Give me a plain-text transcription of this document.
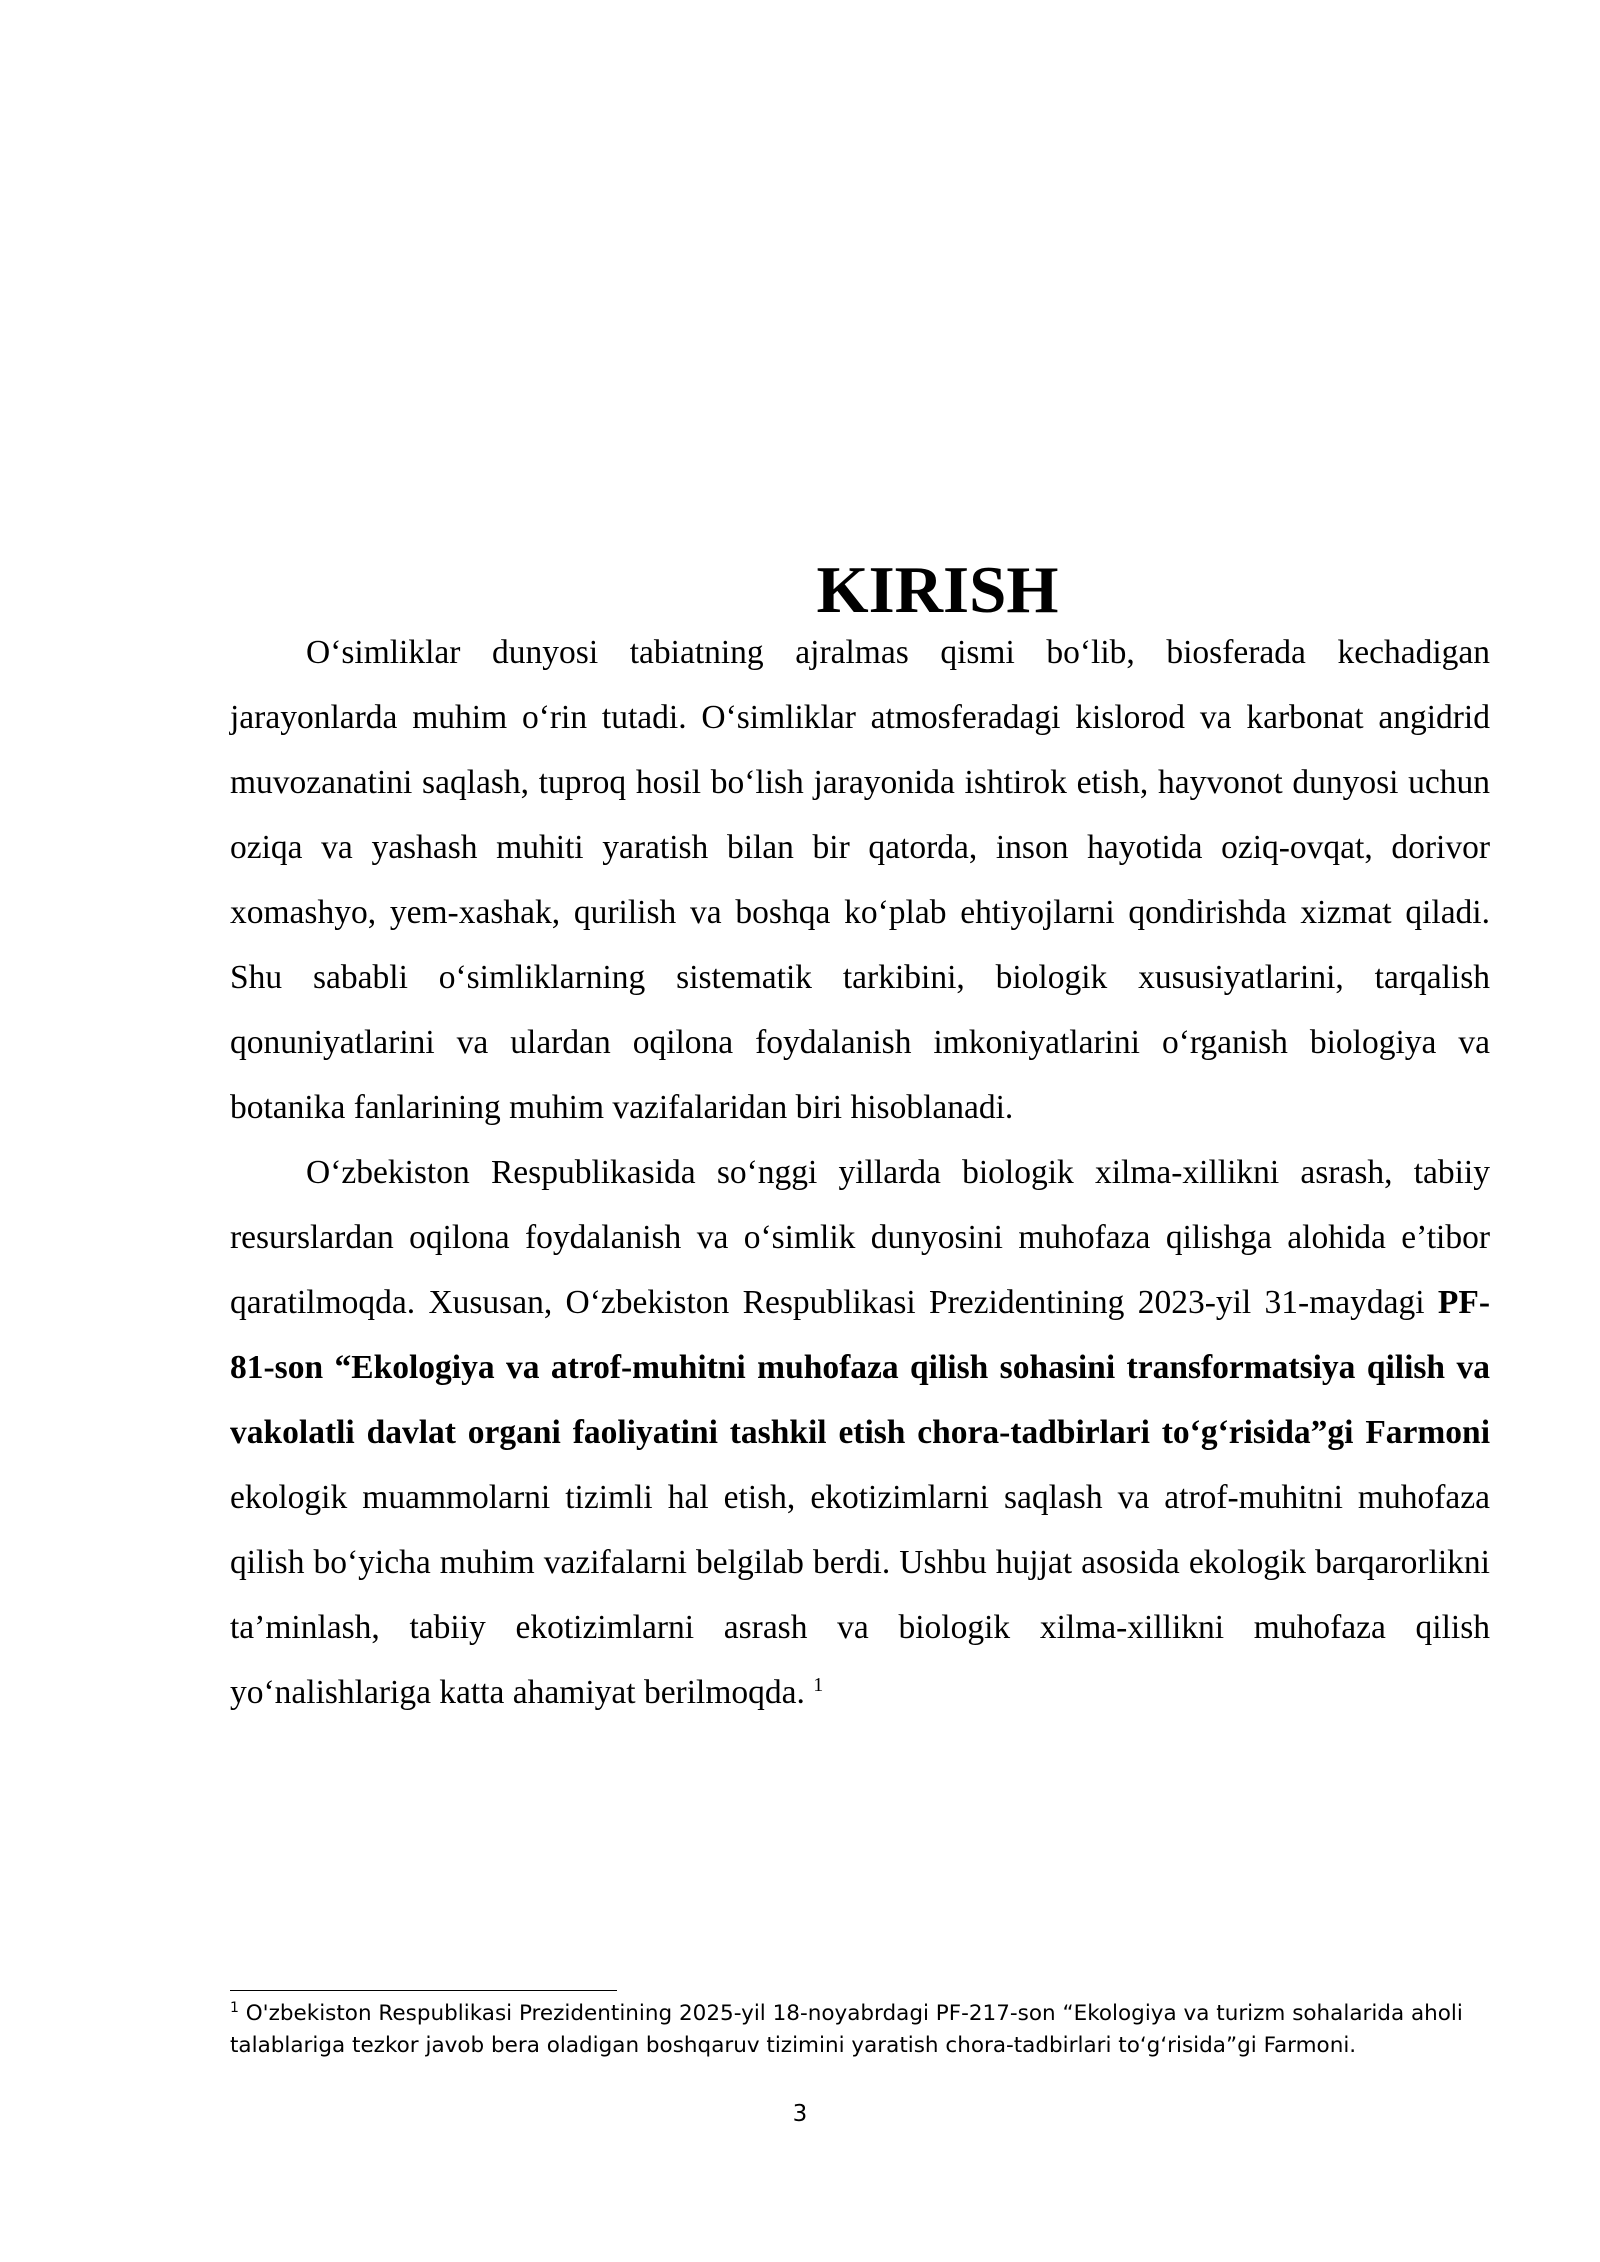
KIRISH

O‘simliklar dunyosi tabiatning ajralmas qismi bo‘lib, biosferada kechadigan jarayonlarda muhim o‘rin tutadi. O‘simliklar atmosferadagi kislorod va karbonat angidrid muvozanatini saqlash, tuproq hosil bo‘lish jarayonida ishtirok etish, hayvonot dunyosi uchun oziqa va yashash muhiti yaratish bilan bir qatorda, inson hayotida oziq-ovqat, dorivor xomashyo, yem-xashak, qurilish va boshqa ko‘plab ehtiyojlarni qondirishda xizmat qiladi. Shu sababli o‘simliklarning sistematik tarkibini, biologik xususiyatlarini, tarqalish qonuniyatlarini va ulardan oqilona foydalanish imkoniyatlarini o‘rganish biologiya va botanika fanlarining muhim vazifalaridan biri hisoblanadi.

O‘zbekiston Respublikasida so‘nggi yillarda biologik xilma-xillikni asrash, tabiiy resurslardan oqilona foydalanish va o‘simlik dunyosini muhofaza qilishga alohida e’tibor qaratilmoqda. Xususan, O‘zbekiston Respublikasi Prezidentining 2023-yil 31-maydagi PF-81-son “Ekologiya va atrof-muhitni muhofaza qilish sohasini transformatsiya qilish va vakolatli davlat organi faoliyatini tashkil etish chora-tadbirlari to‘g‘risida”gi Farmoni ekologik muammolarni tizimli hal etish, ekotizimlarni saqlash va atrof-muhitni muhofaza qilish bo‘yicha muhim vazifalarni belgilab berdi. Ushbu hujjat asosida ekologik barqarorlikni ta’minlash, tabiiy ekotizimlarni asrash va biologik xilma-xillikni muhofaza qilish yo‘nalishlariga katta ahamiyat berilmoqda. $^1$

$^1$ O'zbekiston Respublikasi Prezidentining 2025-yil 18-noyabrdagi PF-217-son “Ekologiya va turizm sohalarida aholi talablariga tezkor javob bera oladigan boshqaruv tizimini yaratish chora-tadbirlari to‘g‘risida”gi Farmoni.

3
